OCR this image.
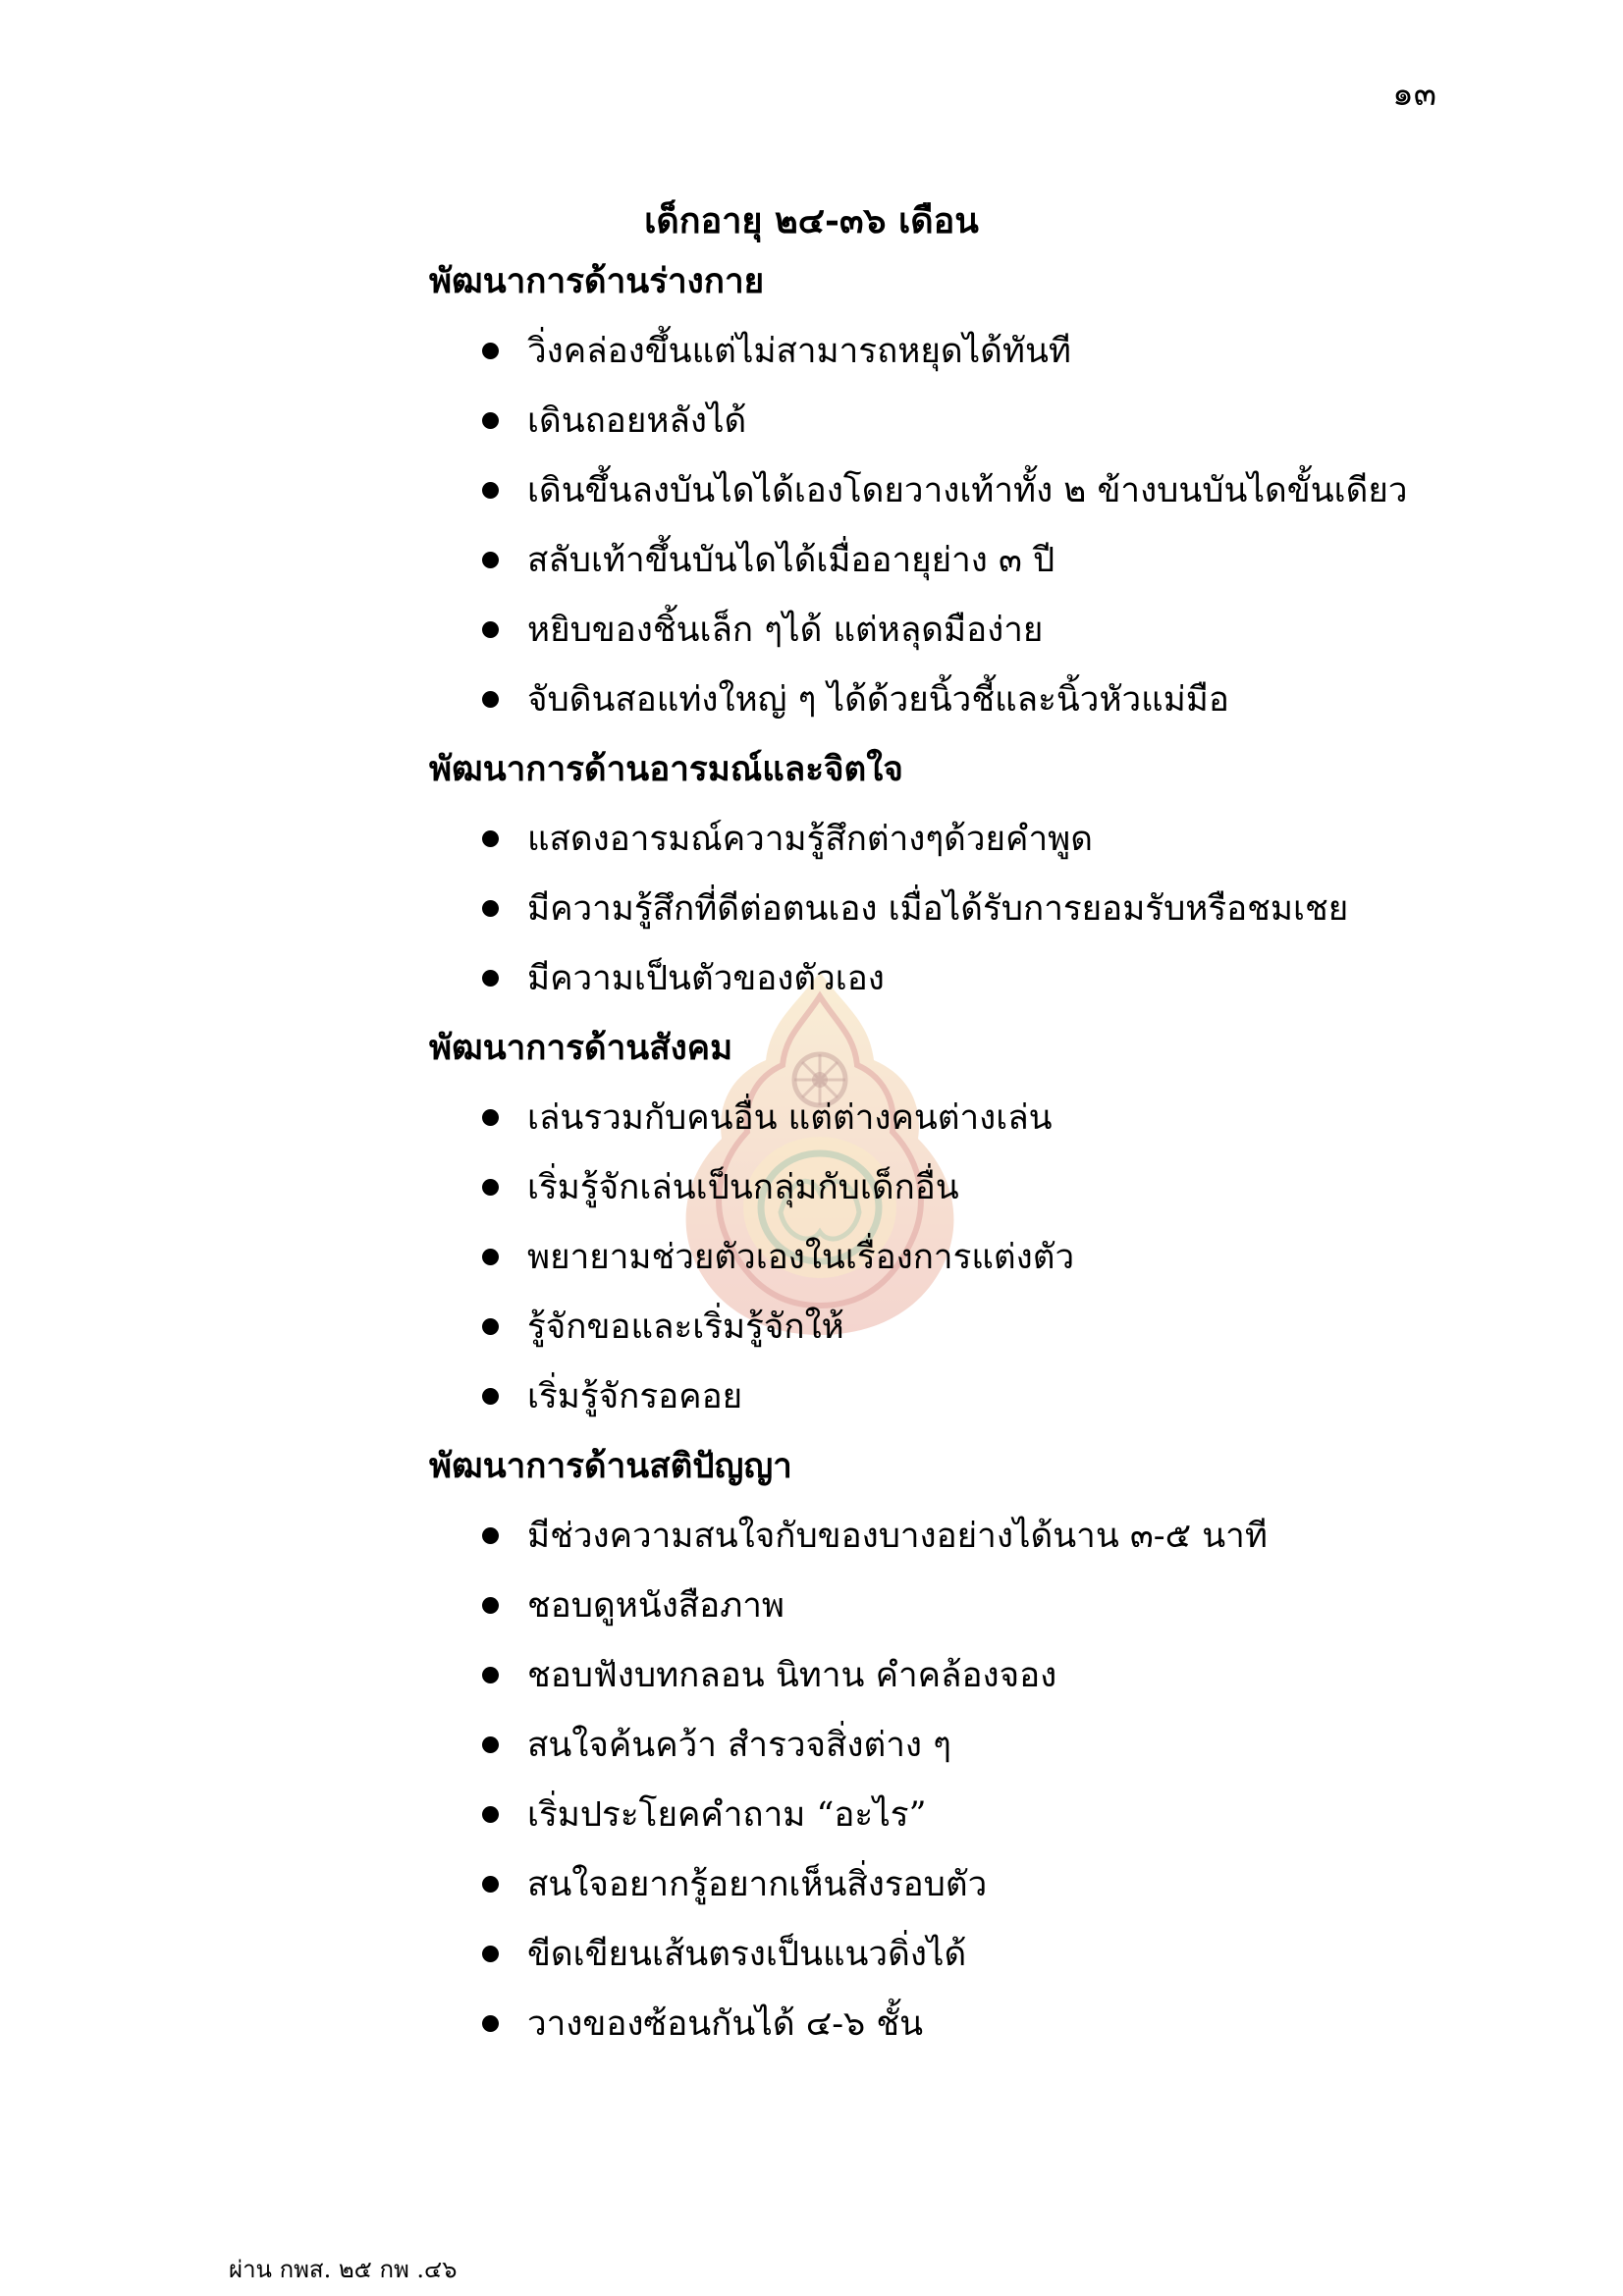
๑๓
เด็กอายุ ๒๔-๓๖ เดือน
พัฒนาการด้านร่างกาย
วิ่งคล่องขึ้นแต่ไม่สามารถหยุดได้ทันที
เดินถอยหลังได้
เดินขึ้นลงบันไดได้เองโดยวางเท้าทั้ง ๒ ข้างบนบันไดขั้นเดียว
สลับเท้าขึ้นบันไดได้เมื่ออายุย่าง ๓ ปี
หยิบของชิ้นเล็ก ๆได้ แต่หลุดมือง่าย
จับดินสอแท่งใหญ่ ๆ ได้ด้วยนิ้วชี้และนิ้วหัวแม่มือ
พัฒนาการด้านอารมณ์และจิตใจ
แสดงอารมณ์ความรู้สึกต่างๆด้วยคำพูด
มีความรู้สึกที่ดีต่อตนเอง เมื่อได้รับการยอมรับหรือชมเชย
มีความเป็นตัวของตัวเอง
พัฒนาการด้านสังคม
เล่นรวมกับคนอื่น แต่ต่างคนต่างเล่น
เริ่มรู้จักเล่นเป็นกลุ่มกับเด็กอื่น
พยายามช่วยตัวเองในเรื่องการแต่งตัว
รู้จักขอและเริ่มรู้จักให้
เริ่มรู้จักรอคอย
พัฒนาการด้านสติปัญญา
มีช่วงความสนใจกับของบางอย่างได้นาน ๓-๕ นาที
ชอบดูหนังสือภาพ
ชอบฟังบทกลอน นิทาน คำคล้องจอง
สนใจค้นคว้า สำรวจสิ่งต่าง ๆ
เริ่มประโยคคำถาม “อะไร”
สนใจอยากรู้อยากเห็นสิ่งรอบตัว
ขีดเขียนเส้นตรงเป็นแนวดิ่งได้
วางของซ้อนกันได้ ๔-๖ ชั้น
ผ่าน กพส. ๒๕ กพ .๔๖
